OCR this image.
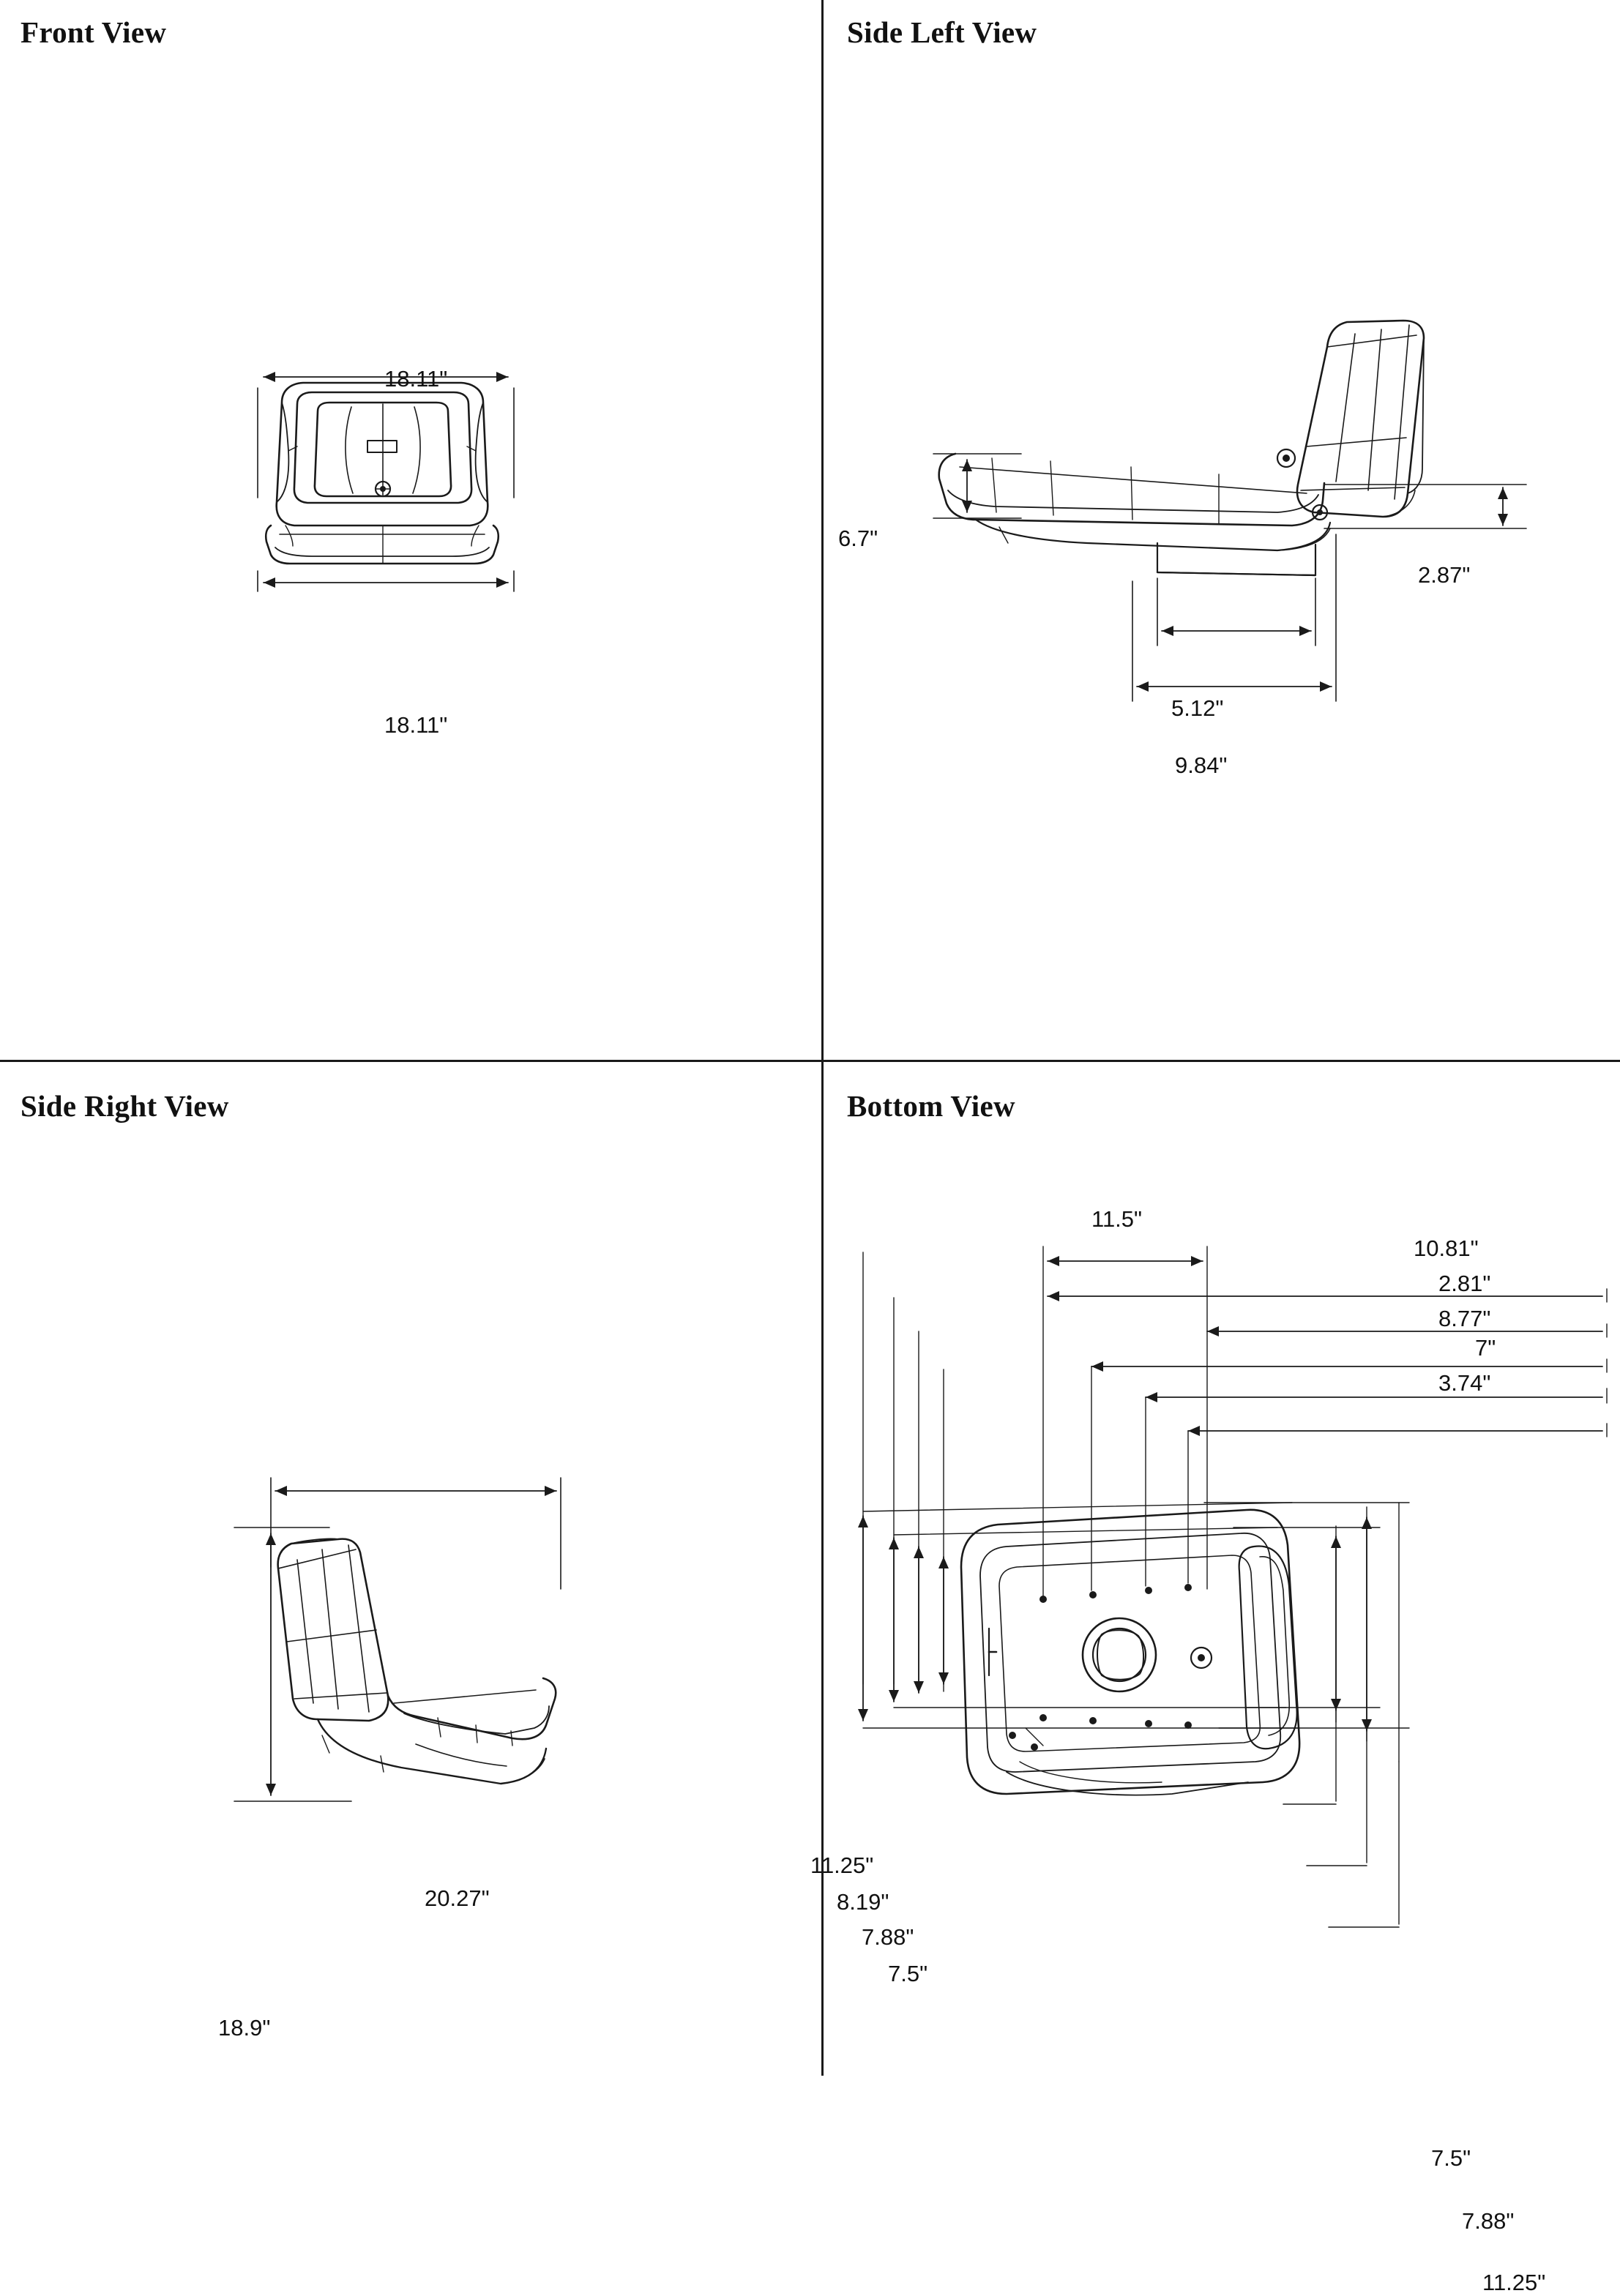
Front View
18.11"
18.11"
Side Left View
6.7"
2.87"
5.12"
9.84"
Side Right View
20.27"
18.9"
Bottom View
11.5"
10.81"
2.81"
8.77"
7"
3.74"
11.25"
8.19"
7.88"
7.5"
7.5"
7.88"
11.25"
